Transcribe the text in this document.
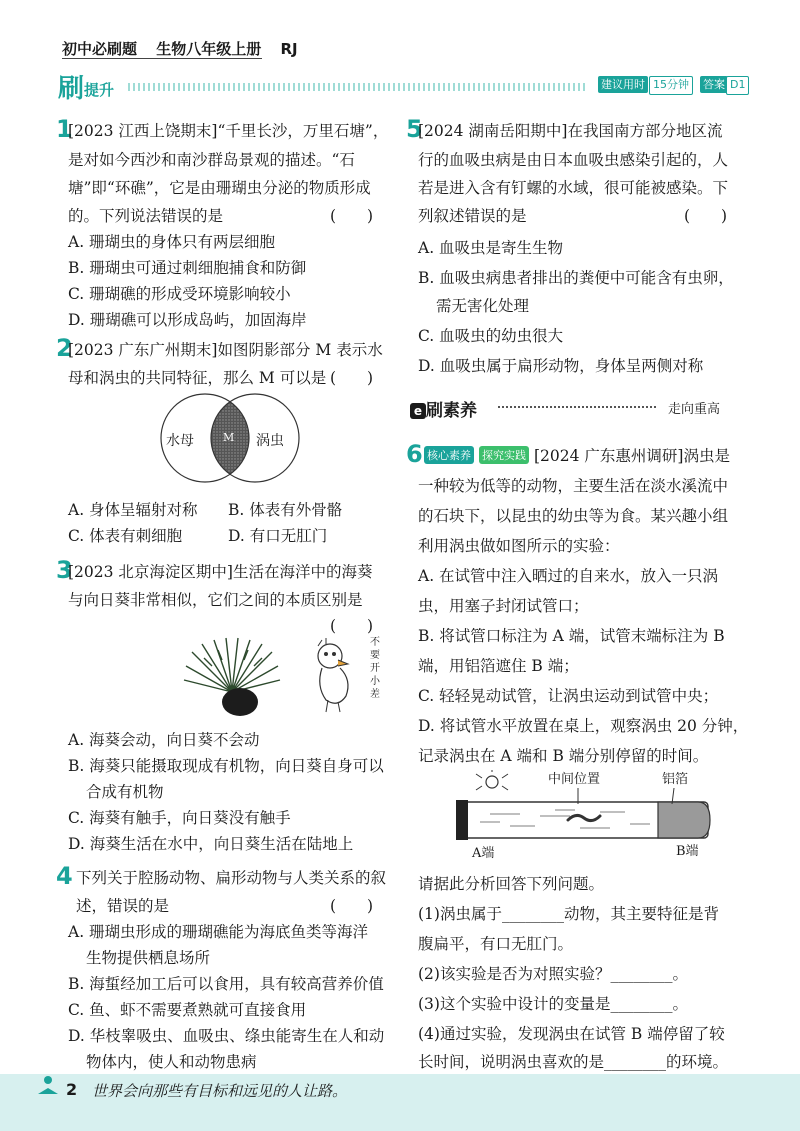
初中必刷题 生物八年级上册 RJ
刷提升	建议用时 15分钟	答案 D1
1
[2023 江西上饶期末]“千里长沙，万里石塘”，
是对如今西沙和南沙群岛景观的描述。“石
塘”即“环礁”，它是由珊瑚虫分泌的物质形成
的。下列说法错误的是	(　　)
A. 珊瑚虫的身体只有两层细胞
B. 珊瑚虫可通过刺细胞捕食和防御
C. 珊瑚礁的形成受环境影响较小
D. 珊瑚礁可以形成岛屿，加固海岸
2
[2023 广东广州期末]如图阴影部分 M 表示水
母和涡虫的共同特征，那么 M 可以是 (　　)
水母	M 涡虫
A. 身体呈辐射对称 B. 体表有外骨骼
C. 体表有刺细胞	D. 有口无肛门
3
[2023 北京海淀区期中]生活在海洋中的海葵
与向日葵非常相似，它们之间的本质区别是
(　　)
不要开小差
A. 海葵会动，向日葵不会动
B. 海葵只能摄取现成有机物，向日葵自身可以
合成有机物
C. 海葵有触手，向日葵没有触手
D. 海葵生活在水中，向日葵生活在陆地上
4 下列关于腔肠动物、扁形动物与人类关系的叙
述，错误的是	(　　)
A. 珊瑚虫形成的珊瑚礁能为海底鱼类等海洋
生物提供栖息场所
B. 海蜇经加工后可以食用，具有较高营养价值
C. 鱼、虾不需要煮熟就可直接食用
D. 华枝睾吸虫、血吸虫、绦虫能寄生在人和动
物体内，使人和动物患病
5
[2024 湖南岳阳期中]在我国南方部分地区流
行的血吸虫病是由日本血吸虫感染引起的，人
若是进入含有钉螺的水域，很可能被感染。下
列叙述错误的是	(　　)
A. 血吸虫是寄生生物
B. 血吸虫病患者排出的粪便中可能含有虫卵，
需无害化处理
C. 血吸虫的幼虫很大
D. 血吸虫属于扁形动物，身体呈两侧对称
e 刷素养	走向重高
6 核心素养 探究实践 [2024 广东惠州调研]涡虫是
一种较为低等的动物，主要生活在淡水溪流中
的石块下，以昆虫的幼虫等为食。某兴趣小组
利用涡虫做如图所示的实验：
A. 在试管中注入晒过的自来水，放入一只涡
虫，用塞子封闭试管口；
B. 将试管口标注为 A 端，试管末端标注为 B
端，用铝箔遮住 B 端；
C. 轻轻晃动试管，让涡虫运动到试管中央；
D. 将试管水平放置在桌上，观察涡虫 20 分钟，
记录涡虫在 A 端和 B 端分别停留的时间。
中间位置	铝箔
A端	B端
请据此分析回答下列问题。
(1)涡虫属于________动物，其主要特征是背
腹扁平，有口无肛门。
(2)该实验是否为对照实验？________。
(3)这个实验中设计的变量是________。
(4)通过实验，发现涡虫在试管 B 端停留了较
长时间，说明涡虫喜欢的是________的环境。
2 世界会向那些有目标和远见的人让路。
